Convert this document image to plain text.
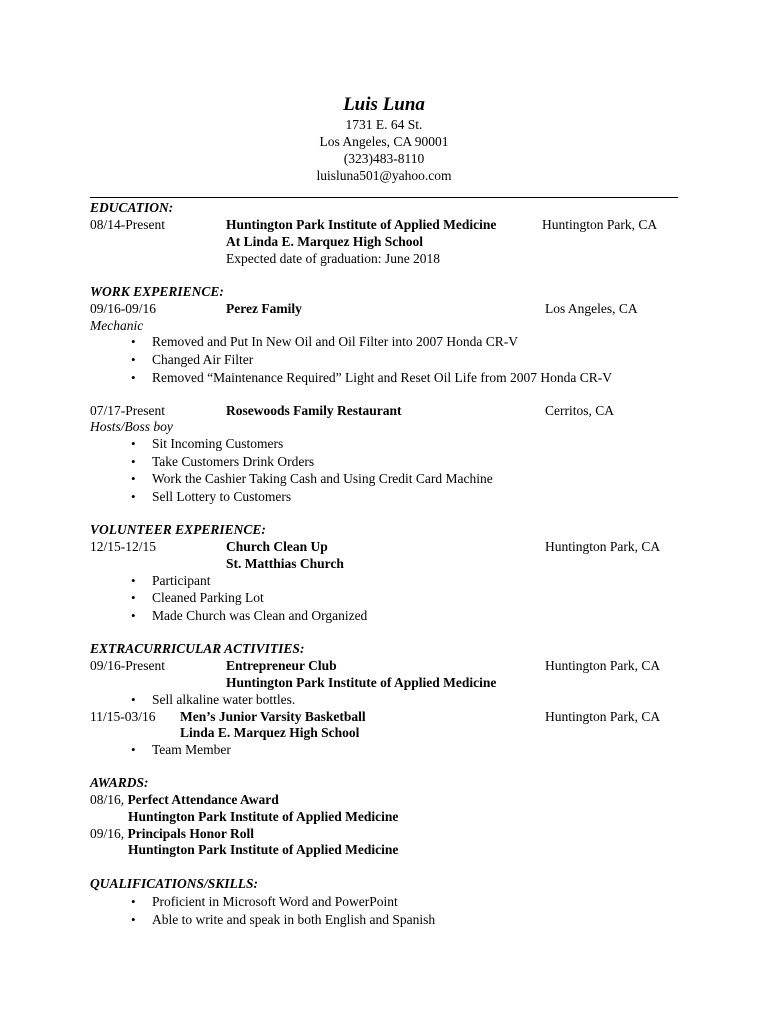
Luis Luna
1731 E. 64 St.
Los Angeles, CA 90001
(323)483-8110
luisluna501@yahoo.com
EDUCATION:
08/14-Present	Huntington Park Institute of Applied Medicine	Huntington Park, CA
At Linda E. Marquez High School
Expected date of graduation: June 2018
WORK EXPERIENCE:
09/16-09/16	Perez Family	Los Angeles, CA
Mechanic
• Removed and Put In New Oil and Oil Filter into 2007 Honda CR-V
• Changed Air Filter
• Removed “Maintenance Required” Light and Reset Oil Life from 2007 Honda CR-V
07/17-Present	Rosewoods Family Restaurant	Cerritos, CA
Hosts/Boss boy
• Sit Incoming Customers
• Take Customers Drink Orders
• Work the Cashier Taking Cash and Using Credit Card Machine
• Sell Lottery to Customers
VOLUNTEER EXPERIENCE:
12/15-12/15	Church Clean Up	Huntington Park, CA
St. Matthias Church
• Participant
• Cleaned Parking Lot
• Made Church was Clean and Organized
EXTRACURRICULAR ACTIVITIES:
09/16-Present	Entrepreneur Club	Huntington Park, CA
Huntington Park Institute of Applied Medicine
• Sell alkaline water bottles.
11/15-03/16 Men’s Junior Varsity Basketball	Huntington Park, CA
Linda E. Marquez High School
• Team Member
AWARDS:
08/16, Perfect Attendance Award
Huntington Park Institute of Applied Medicine
09/16, Principals Honor Roll
Huntington Park Institute of Applied Medicine
QUALIFICATIONS/SKILLS:
• Proficient in Microsoft Word and PowerPoint
• Able to write and speak in both English and Spanish
